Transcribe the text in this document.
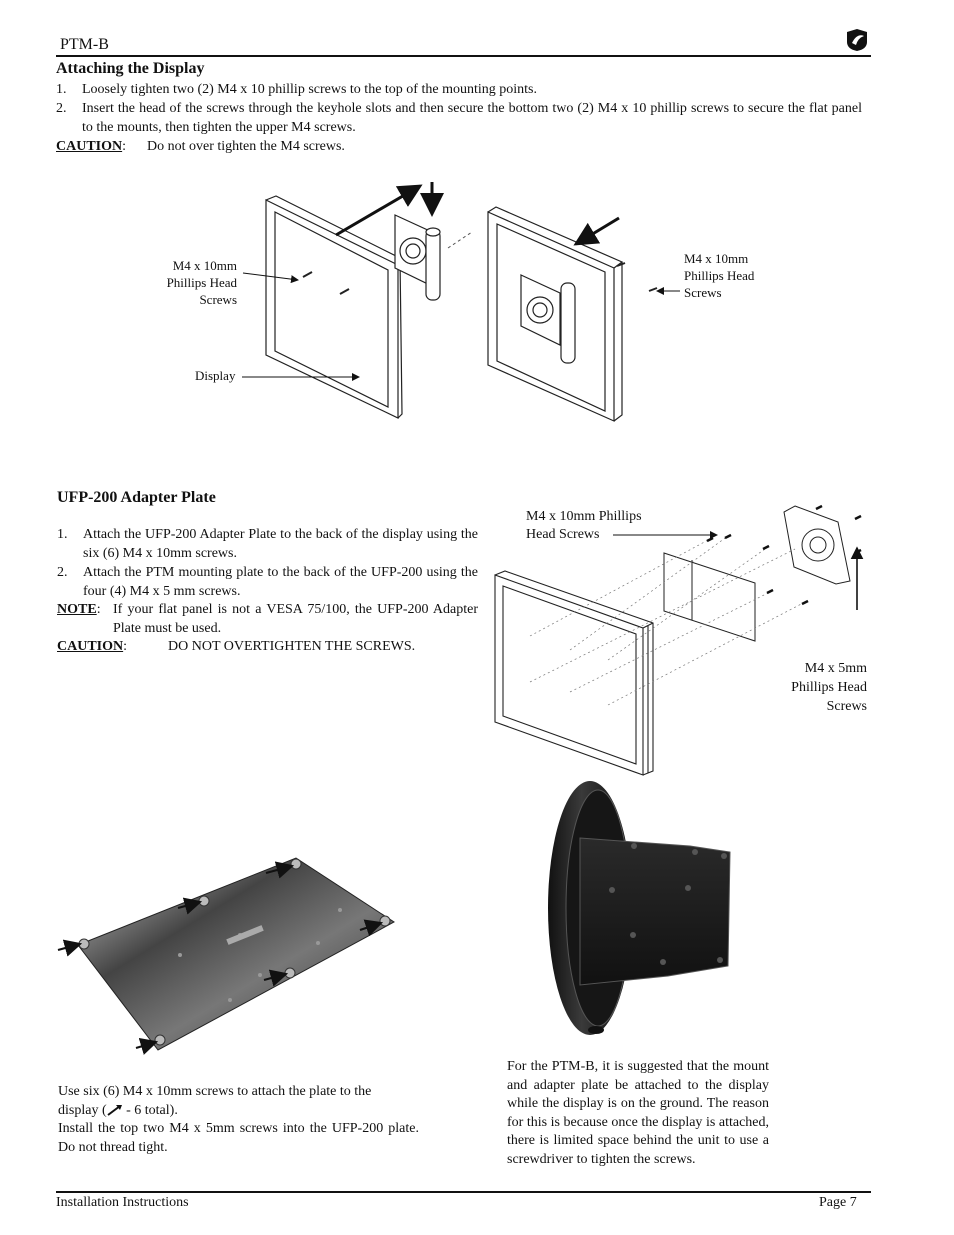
PTM-B
Attaching the Display
1.	Loosely tighten two (2) M4 x 10 phillip screws to the top of the mounting points.
2.	Insert the head of the screws through the keyhole slots and then secure the bottom two (2) M4 x 10 phillip screws to secure the flat panel to the mounts, then tighten the upper M4 screws.
CAUTION: Do not over tighten the M4 screws.
M4 x 10mm
Phillips Head
Screws
M4 x 10mm
Phillips Head
Screws
Display
UFP-200 Adapter Plate
1.	Attach the UFP-200 Adapter Plate to the back of the display using the six (6) M4 x 10mm screws.
2.	Attach the PTM mounting plate to the back of the UFP-200 using the four (4) M4 x 5 mm screws.
NOTE: If your flat panel is not a VESA 75/100, the UFP-200 Adapter Plate must be used.
CAUTION:	DO NOT OVERTIGHTEN THE SCREWS.
M4 x 10mm Phillips
Head Screws
M4 x 5mm
Phillips Head
Screws
Use six (6) M4 x 10mm screws to attach the plate to the
display ( - 6 total).
Install the top two M4 x 5mm screws into the UFP-200 plate. Do not thread tight.
For the PTM-B, it is suggested that the mount and adapter plate be attached to the display while the display is on the ground. The reason for this is because once the display is attached, there is limited space behind the unit to use a screwdriver to tighten the screws.
Installation Instructions	Page 7
